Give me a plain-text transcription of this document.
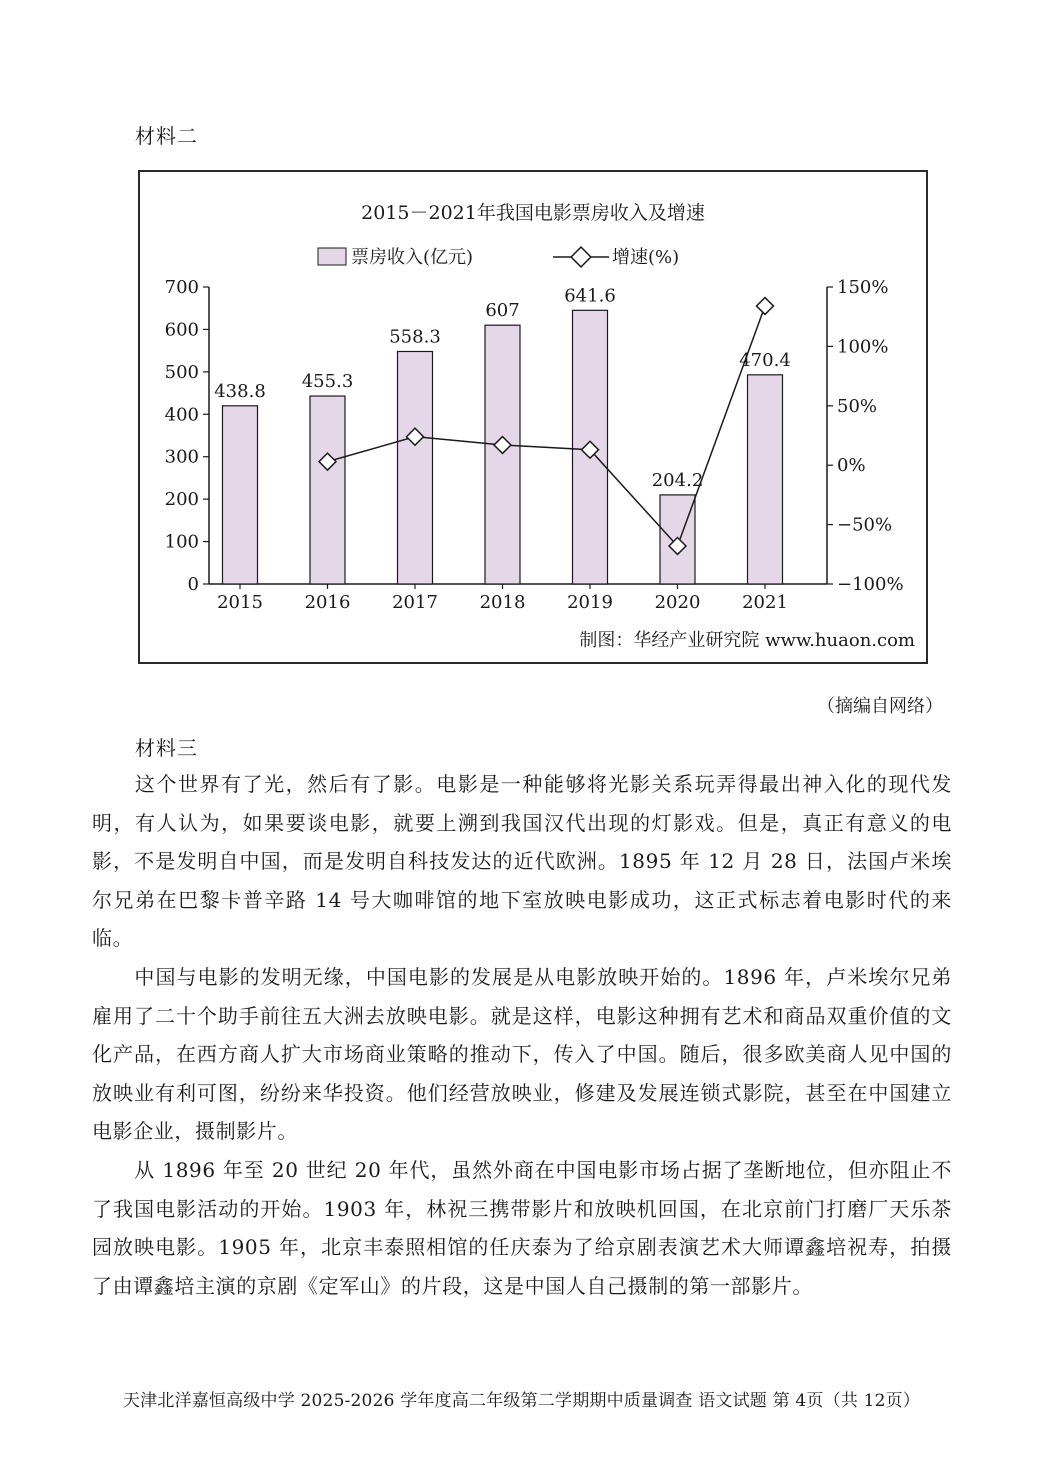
材料二
2015－2021年我国电影票房收入及增速
票房收入(亿元)	增速(%)
0
100
200
300
400
500
600
700
−100%
−50%
0%
50%
100%
150%
438.8
2015
455.3
2016
558.3
2017
607
2018
641.6
2019
204.2
2020
470.4
2021
制图：华经产业研究院 www.huaon.com
（摘编自网络）
材料三
这个世界有了光，然后有了影。电影是一种能够将光影关系玩弄得最出神入化的现代发明，有人认为，如果要谈电影，就要上溯到我国汉代出现的灯影戏。但是，真正有意义的电影，不是发明自中国，而是发明自科技发达的近代欧洲。1895 年 12 月 28 日，法国卢米埃尔兄弟在巴黎卡普辛路 14 号大咖啡馆的地下室放映电影成功，这正式标志着电影时代的来临。
中国与电影的发明无缘，中国电影的发展是从电影放映开始的。1896 年，卢米埃尔兄弟雇用了二十个助手前往五大洲去放映电影。就是这样，电影这种拥有艺术和商品双重价值的文化产品，在西方商人扩大市场商业策略的推动下，传入了中国。随后，很多欧美商人见中国的放映业有利可图，纷纷来华投资。他们经营放映业，修建及发展连锁式影院，甚至在中国建立电影企业，摄制影片。
从 1896 年至 20 世纪 20 年代，虽然外商在中国电影市场占据了垄断地位，但亦阻止不了我国电影活动的开始。1903 年，林祝三携带影片和放映机回国，在北京前门打磨厂天乐茶园放映电影。1905 年，北京丰泰照相馆的任庆泰为了给京剧表演艺术大师谭鑫培祝寿，拍摄了由谭鑫培主演的京剧《定军山》的片段，这是中国人自己摄制的第一部影片。
天津北洋嘉恒高级中学 2025-2026 学年度高二年级第二学期期中质量调查 语文试题 第 4页（共 12页）
